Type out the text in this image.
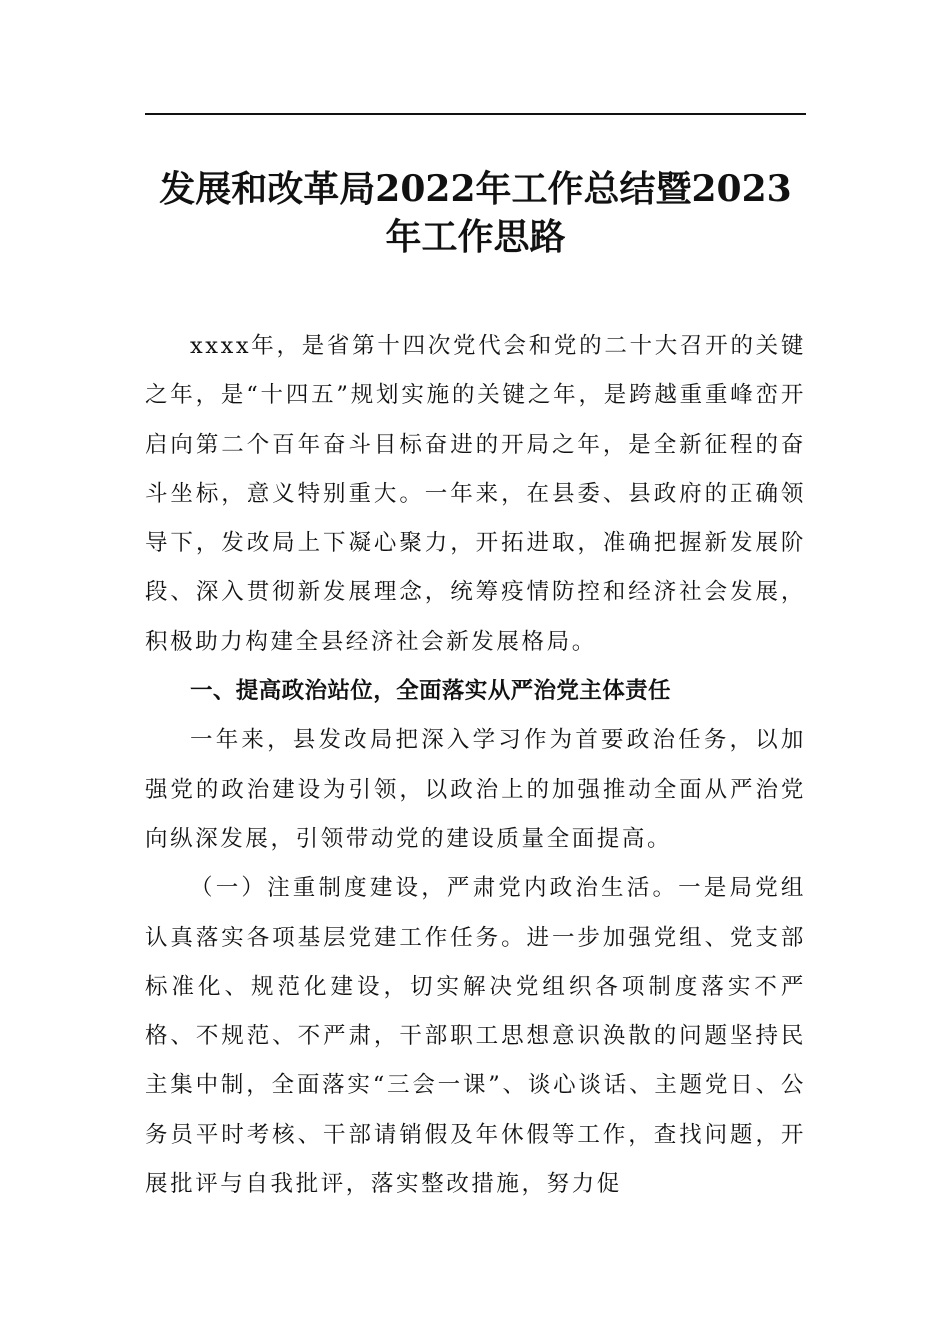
发展和改革局2022年工作总结暨2023年工作思路

xxxx年，是省第十四次党代会和党的二十大召开的关键之年，是“十四五”规划实施的关键之年，是跨越重重峰峦开启向第二个百年奋斗目标奋进的开局之年，是全新征程的奋斗坐标，意义特别重大。一年来，在县委、县政府的正确领导下，发改局上下凝心聚力，开拓进取，准确把握新发展阶段、深入贯彻新发展理念，统筹疫情防控和经济社会发展，积极助力构建全县经济社会新发展格局。

一、提高政治站位，全面落实从严治党主体责任

一年来，县发改局把深入学习作为首要政治任务，以加强党的政治建设为引领，以政治上的加强推动全面从严治党向纵深发展，引领带动党的建设质量全面提高。

（一）注重制度建设，严肃党内政治生活。一是局党组认真落实各项基层党建工作任务。进一步加强党组、党支部标准化、规范化建设，切实解决党组织各项制度落实不严格、不规范、不严肃，干部职工思想意识涣散的问题坚持民主集中制，全面落实“三会一课”、谈心谈话、主题党日、公务员平时考核、干部请销假及年休假等工作，查找问题，开展批评与自我批评，落实整改措施，努力促
